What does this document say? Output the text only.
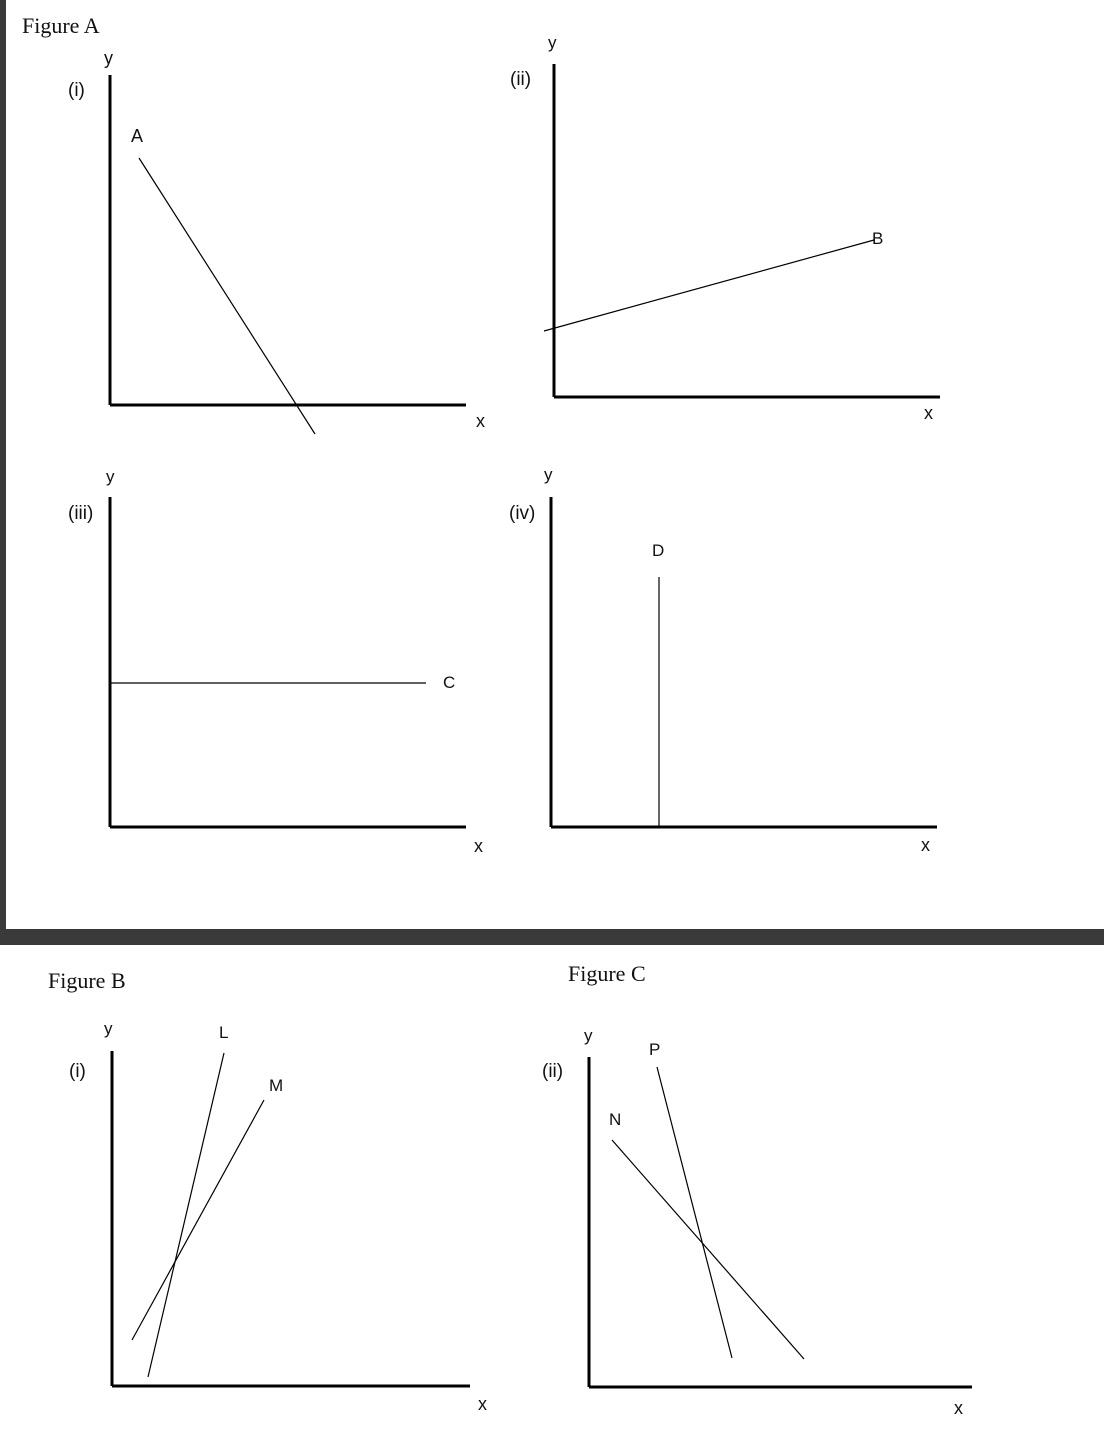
Figure A
y
(i)
x
A
y
(ii)
x
B
y
(iii)
x
C
y
(iv)
x
D
Figure B
y
(i)
x
L
M
Figure C
y
(ii)
x
N
P
